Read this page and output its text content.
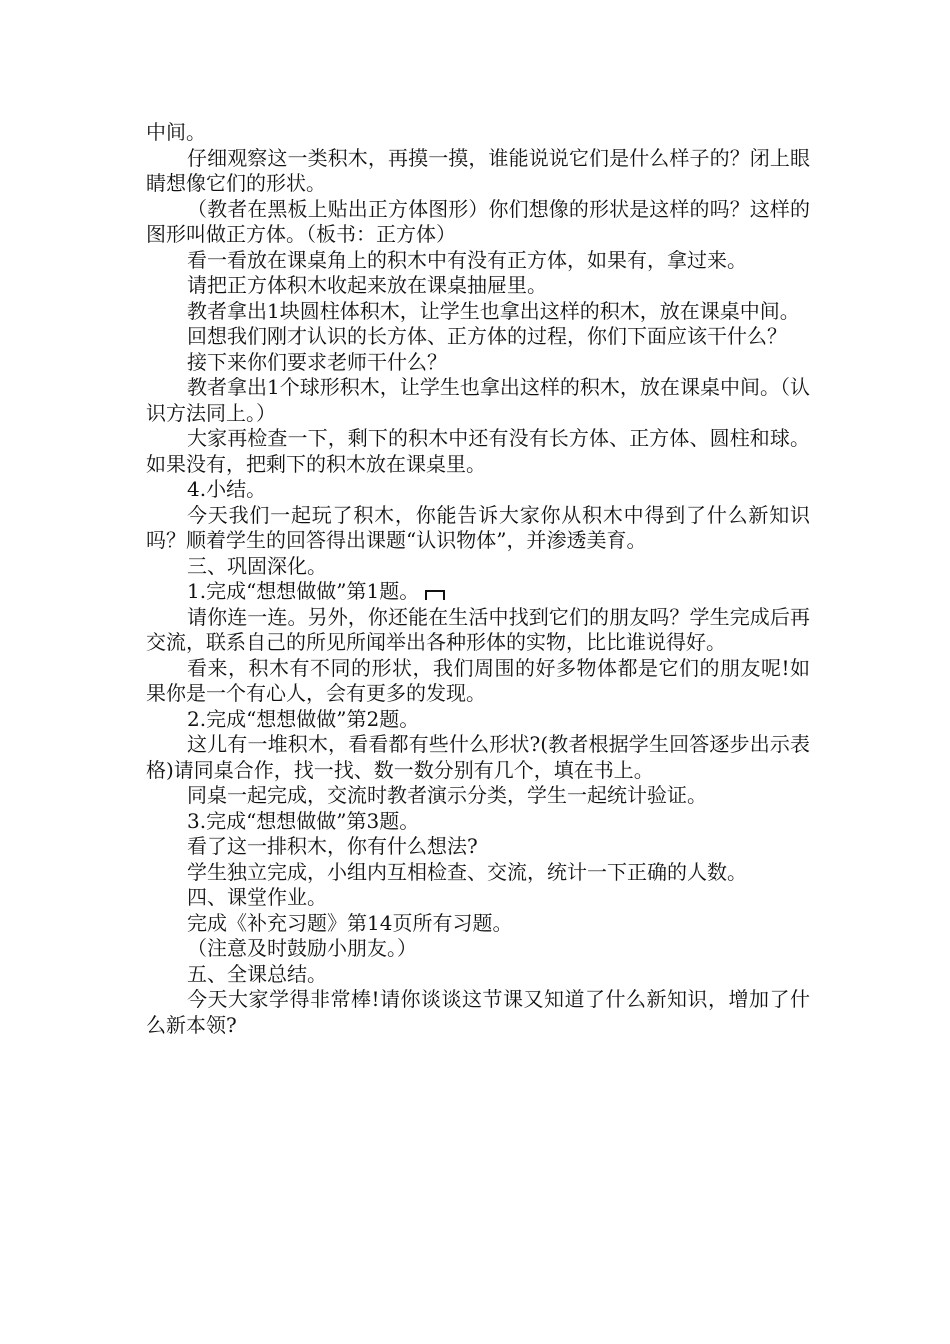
中间。

仔细观察这一类积木，再摸一摸，谁能说说它们是什么样子的？闭上眼睛想像它们的形状。

（教者在黑板上贴出正方体图形）你们想像的形状是这样的吗？这样的图形叫做正方体。（板书：正方体）

看一看放在课桌角上的积木中有没有正方体，如果有，拿过来。

请把正方体积木收起来放在课桌抽屉里。

教者拿出1块圆柱体积木，让学生也拿出这样的积木，放在课桌中间。

回想我们刚才认识的长方体、正方体的过程，你们下面应该干什么？

接下来你们要求老师干什么？

教者拿出1个球形积木，让学生也拿出这样的积木，放在课桌中间。（认识方法同上。）

大家再检查一下，剩下的积木中还有没有长方体、正方体、圆柱和球。如果没有，把剩下的积木放在课桌里。

4.小结。

今天我们一起玩了积木，你能告诉大家你从积木中得到了什么新知识吗？顺着学生的回答得出课题“认识物体”，并渗透美育。

三、巩固深化。

1.完成“想想做做”第1题。

请你连一连。另外，你还能在生活中找到它们的朋友吗？学生完成后再交流，联系自己的所见所闻举出各种形体的实物，比比谁说得好。

看来，积木有不同的形状，我们周围的好多物体都是它们的朋友呢!如果你是一个有心人，会有更多的发现。

2.完成“想想做做”第2题。

这儿有一堆积木，看看都有些什么形状?(教者根据学生回答逐步出示表格)请同桌合作，找一找、数一数分别有几个，填在书上。

同桌一起完成，交流时教者演示分类，学生一起统计验证。

3.完成“想想做做”第3题。

看了这一排积木，你有什么想法?

学生独立完成，小组内互相检查、交流，统计一下正确的人数。

四、课堂作业。

完成《补充习题》第14页所有习题。

（注意及时鼓励小朋友。）

五、全课总结。

今天大家学得非常棒!请你谈谈这节课又知道了什么新知识，增加了什么新本领?
